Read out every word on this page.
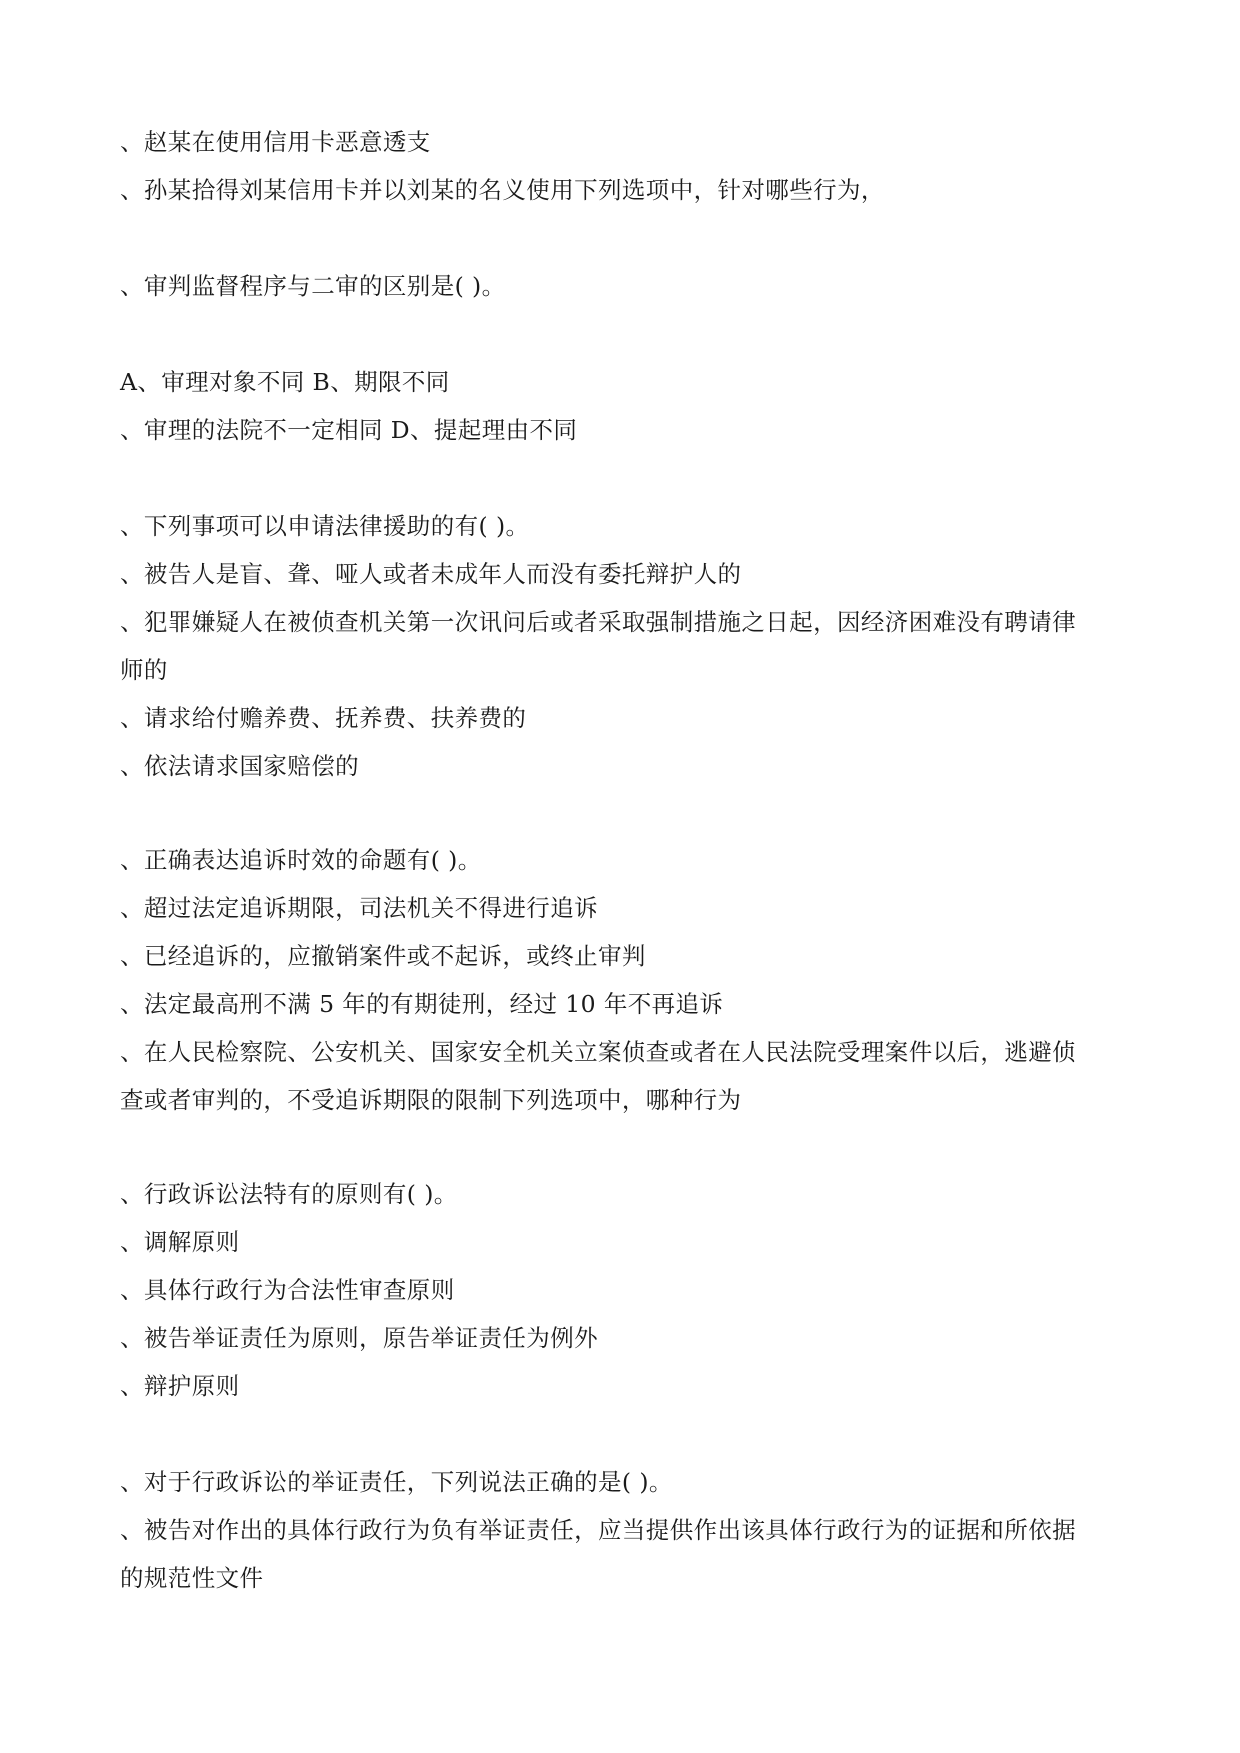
、赵某在使用信用卡恶意透支
、孙某拾得刘某信用卡并以刘某的名义使用下列选项中，针对哪些行为，
、审判监督程序与二审的区别是( )。
A、审理对象不同 B、期限不同
、审理的法院不一定相同 D、提起理由不同
、下列事项可以申请法律援助的有( )。
、被告人是盲、聋、哑人或者未成年人而没有委托辩护人的
、犯罪嫌疑人在被侦查机关第一次讯问后或者采取强制措施之日起，因经济困难没有聘请律
师的
、请求给付赡养费、抚养费、扶养费的
、依法请求国家赔偿的
、正确表达追诉时效的命题有( )。
、超过法定追诉期限，司法机关不得进行追诉
、已经追诉的，应撤销案件或不起诉，或终止审判
、法定最高刑不满 5 年的有期徒刑，经过 10 年不再追诉
、在人民检察院、公安机关、国家安全机关立案侦查或者在人民法院受理案件以后，逃避侦
查或者审判的，不受追诉期限的限制下列选项中，哪种行为
、行政诉讼法特有的原则有( )。
、调解原则
、具体行政行为合法性审查原则
、被告举证责任为原则，原告举证责任为例外
、辩护原则
、对于行政诉讼的举证责任，下列说法正确的是( )。
、被告对作出的具体行政行为负有举证责任，应当提供作出该具体行政行为的证据和所依据
的规范性文件
